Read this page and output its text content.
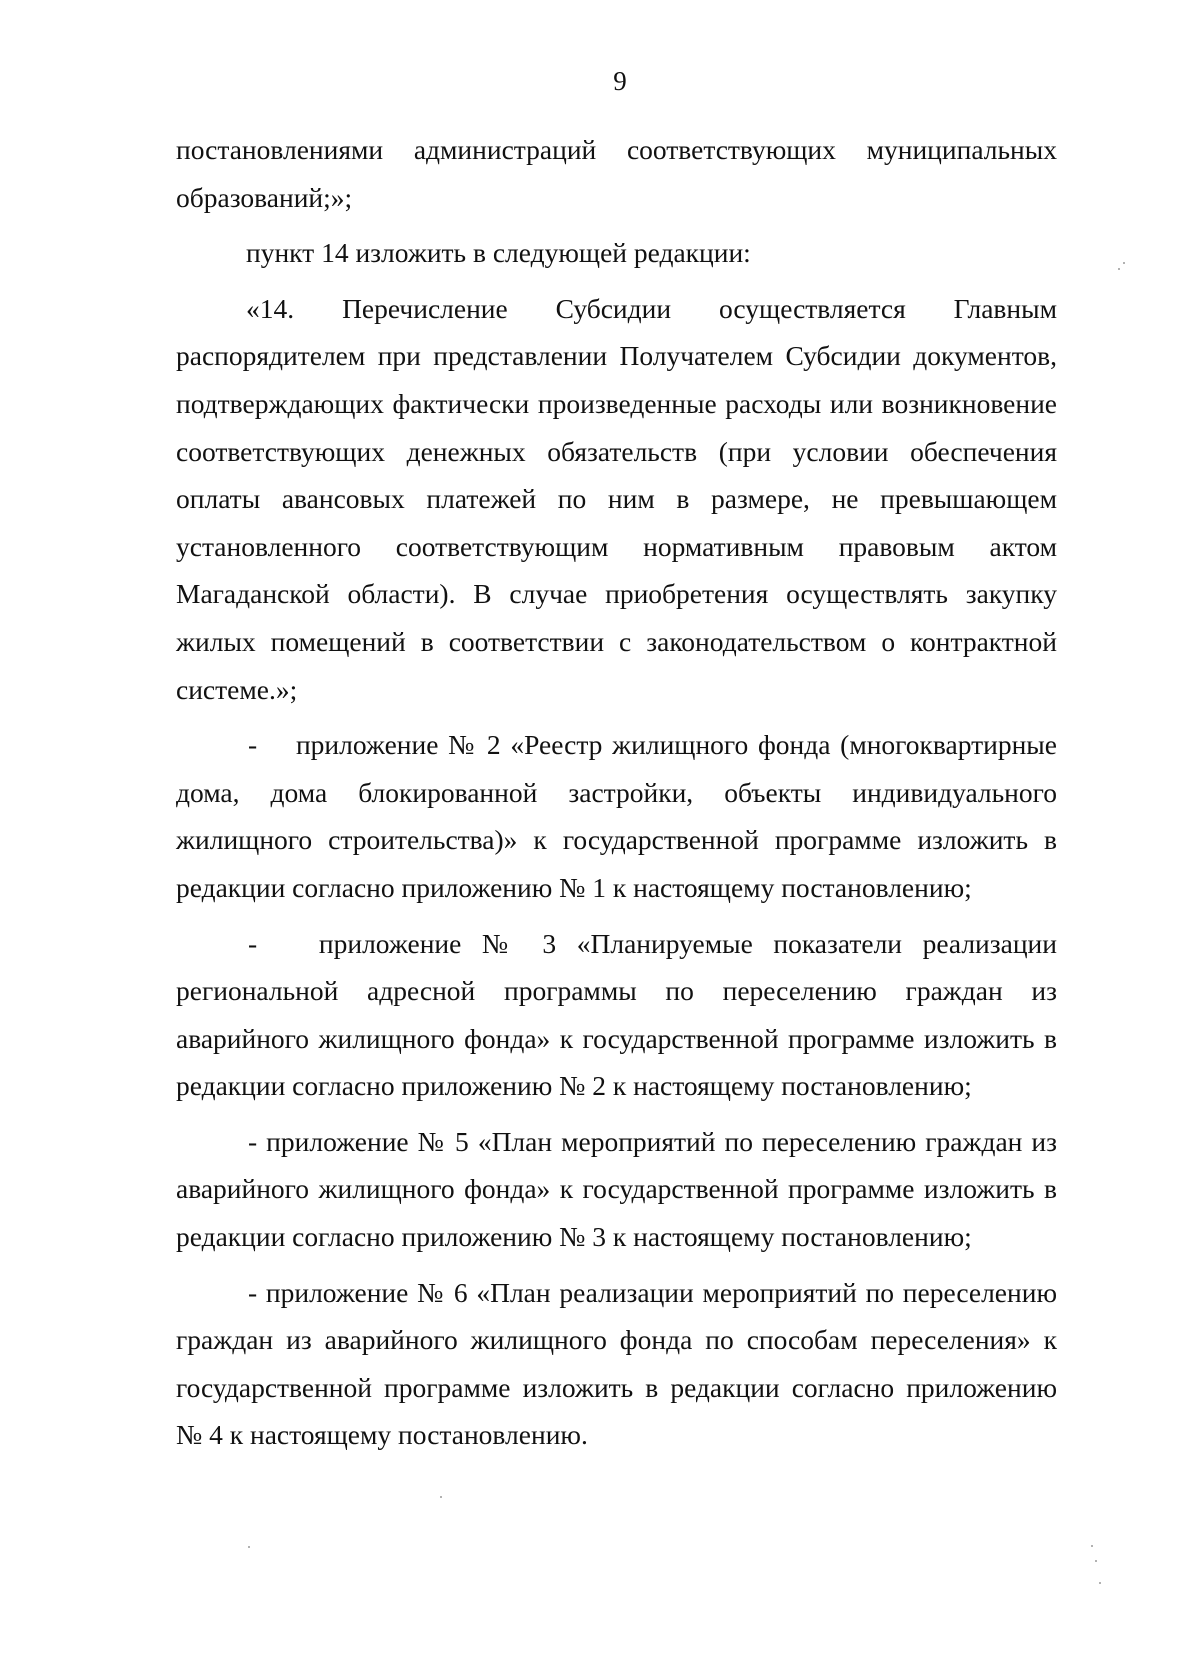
9

постановлениями администраций соответствующих муниципальных образований;»;

пункт 14 изложить в следующей редакции:

«14. Перечисление Субсидии осуществляется Главным распорядителем при представлении Получателем Субсидии документов, подтверждающих фактически произведенные расходы или возникновение соответствующих денежных обязательств (при условии обеспечения оплаты авансовых платежей по ним в размере, не превышающем установленного соответствующим нормативным правовым актом Магаданской области). В случае приобретения осуществлять закупку жилых помещений в соответствии с законодательством о контрактной системе.»;

-    приложение № 2 «Реестр жилищного фонда (многоквартирные дома, дома блокированной застройки, объекты индивидуального жилищного строительства)» к государственной программе изложить в редакции согласно приложению № 1 к настоящему постановлению;

-   приложение № 3 «Планируемые показатели реализации региональной адресной программы по переселению граждан из аварийного жилищного фонда» к государственной программе изложить в редакции согласно приложению № 2 к настоящему постановлению;

- приложение № 5 «План мероприятий по переселению граждан из аварийного жилищного фонда» к государственной программе изложить в редакции согласно приложению № 3 к настоящему постановлению;

- приложение № 6 «План реализации мероприятий по переселению граждан из аварийного жилищного фонда по способам переселения» к государственной программе изложить в редакции согласно приложению № 4 к настоящему постановлению.
